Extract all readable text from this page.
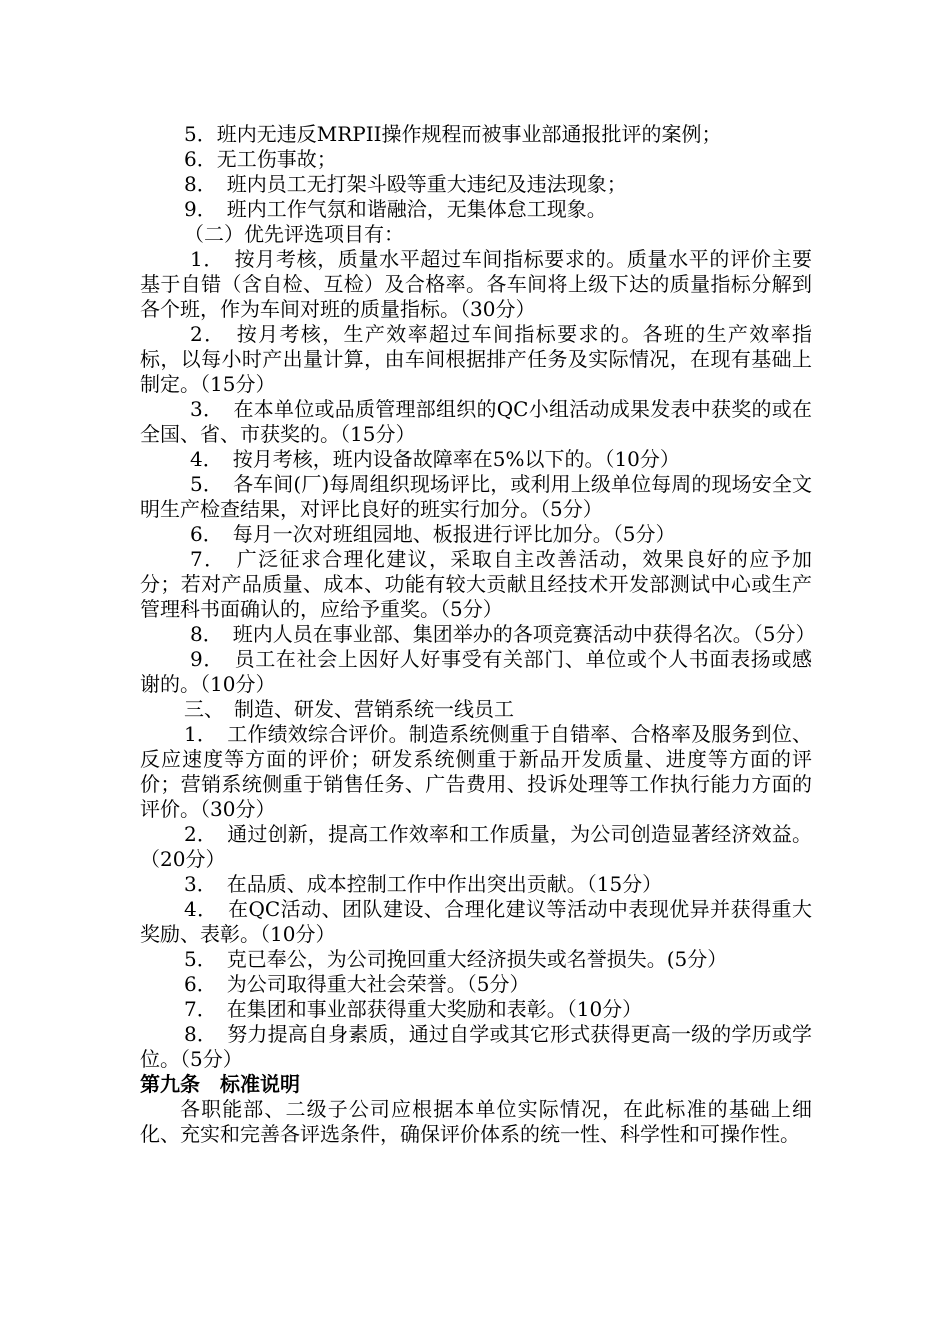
5．班内无违反MRPII操作规程而被事业部通报批评的案例；

6．无工伤事故；

8．　班内员工无打架斗殴等重大违纪及违法现象；

9．　班内工作气氛和谐融洽，无集体怠工现象。

（二）优先评选项目有：

1．　按月考核，质量水平超过车间指标要求的。质量水平的评价主要基于自错（含自检、互检）及合格率。各车间将上级下达的质量指标分解到各个班，作为车间对班的质量指标。（30分）

2．　按月考核，生产效率超过车间指标要求的。各班的生产效率指标，以每小时产出量计算，由车间根据排产任务及实际情况，在现有基础上制定。（15分）

3．　在本单位或品质管理部组织的QC小组活动成果发表中获奖的或在全国、省、市获奖的。（15分）

4．　按月考核，班内设备故障率在5%以下的。（10分）

5．　各车间(厂)每周组织现场评比，或利用上级单位每周的现场安全文明生产检查结果，对评比良好的班实行加分。（5分）

6．　每月一次对班组园地、板报进行评比加分。（5分）

7．　广泛征求合理化建议，采取自主改善活动，效果良好的应予加分；若对产品质量、成本、功能有较大贡献且经技术开发部测试中心或生产管理科书面确认的，应给予重奖。（5分）

8．　班内人员在事业部、集团举办的各项竞赛活动中获得名次。（5分）

9．　员工在社会上因好人好事受有关部门、单位或个人书面表扬或感谢的。（10分）

三、　制造、研发、营销系统一线员工

1．　工作绩效综合评价。制造系统侧重于自错率、合格率及服务到位、反应速度等方面的评价；研发系统侧重于新品开发质量、进度等方面的评价；营销系统侧重于销售任务、广告费用、投诉处理等工作执行能力方面的评价。（30分）

2．　通过创新，提高工作效率和工作质量，为公司创造显著经济效益。（20分）

3．　在品质、成本控制工作中作出突出贡献。（15分）

4．　在QC活动、团队建设、合理化建议等活动中表现优异并获得重大奖励、表彰。（10分）

5．　克已奉公，为公司挽回重大经济损失或名誉损失。(5分）

6．　为公司取得重大社会荣誉。（5分）

7．　在集团和事业部获得重大奖励和表彰。（10分）

8．　努力提高自身素质，通过自学或其它形式获得更高一级的学历或学位。（5分）

第九条　标准说明

各职能部、二级子公司应根据本单位实际情况，在此标准的基础上细化、充实和完善各评选条件，确保评价体系的统一性、科学性和可操作性。
